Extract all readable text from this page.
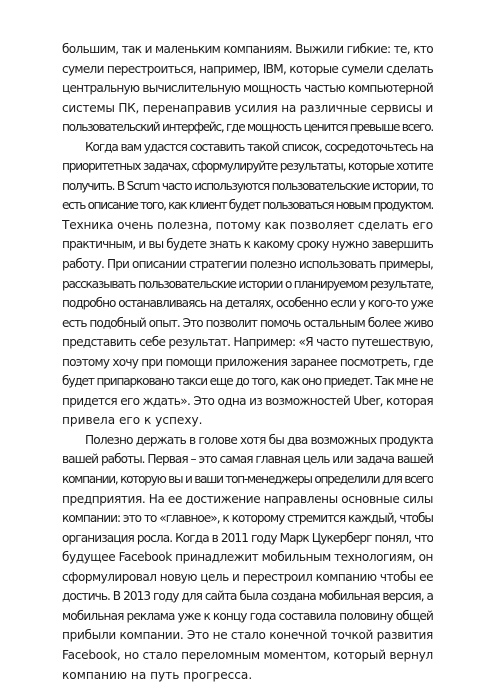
большим, так и маленьким компаниям. Выжили гибкие: те, кто
сумели перестроиться, например, IBM, которые сумели сделать
центральную вычислительную мощность частью компьютерной
системы ПК, перенаправив усилия на различные сервисы и
пользовательский интерфейс, где мощность ценится превыше всего.
Когда вам удастся составить такой список, сосредоточьтесь на
приоритетных задачах, сформулируйте результаты, которые хотите
получить. В Scrum часто используются пользовательские истории, то
есть описание того, как клиент будет пользоваться новым продуктом.
Техника очень полезна, потому как позволяет сделать его
практичным, и вы будете знать к какому сроку нужно завершить
работу. При описании стратегии полезно использовать примеры,
рассказывать пользовательские истории о планируемом результате,
подробно останавливаясь на деталях, особенно если у кого-то уже
есть подобный опыт. Это позволит помочь остальным более живо
представить себе результат. Например: «Я часто путешествую,
поэтому хочу при помощи приложения заранее посмотреть, где
будет припарковано такси еще до того, как оно приедет. Так мне не
придется его ждать». Это одна из возможностей Uber, которая
привела его к успеху.
Полезно держать в голове хотя бы два возможных продукта
вашей работы. Первая – это самая главная цель или задача вашей
компании, которую вы и ваши топ-менеджеры определили для всего
предприятия. На ее достижение направлены основные силы
компании: это то «главное», к которому стремится каждый, чтобы
организация росла. Когда в 2011 году Марк Цукерберг понял, что
будущее Facebook принадлежит мобильным технологиям, он
сформулировал новую цель и перестроил компанию чтобы ее
достичь. В 2013 году для сайта была создана мобильная версия, а
мобильная реклама уже к концу года составила половину общей
прибыли компании. Это не стало конечной точкой развития
Facebook, но стало переломным моментом, который вернул
компанию на путь прогресса.
